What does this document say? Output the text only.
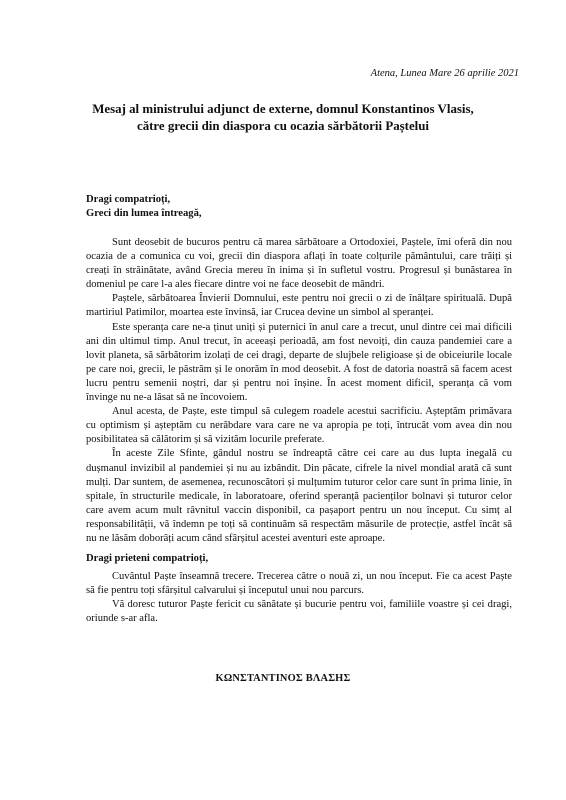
Atena, Lunea Mare 26 aprilie 2021
Mesaj al ministrului adjunct de externe, domnul Konstantinos Vlasis,
către grecii din diaspora cu ocazia sărbătorii Paștelui
Dragi compatrioți,
Greci din lumea întreagă,

Sunt deosebit de bucuros pentru că marea sărbătoare a Ortodoxiei, Paștele, îmi oferă din nou ocazia de a comunica cu voi, grecii din diaspora aflați în toate colțurile pământului, care trăiți și creați în străinătate, având Grecia mereu în inima și în sufletul vostru. Progresul și bunăstarea în domeniul pe care l-a ales fiecare dintre voi ne face deosebit de mândri.

Paștele, sărbătoarea Învierii Domnului, este pentru noi grecii o zi de înălțare spirituală. După martiriul Patimilor, moartea este învinsă, iar Crucea devine un simbol al speranței.

Este speranța care ne-a ținut uniți și puternici în anul care a trecut, unul dintre cei mai dificili ani din ultimul timp. Anul trecut, în aceeași perioadă, am fost nevoiți, din cauza pandemiei care a lovit planeta, să sărbătorim izolați de cei dragi, departe de slujbele religioase și de obiceiurile locale pe care noi, grecii, le păstrăm și le onorăm în mod deosebit. A fost de datoria noastră să facem acest lucru pentru semenii noștri, dar și pentru noi înșine. În acest moment dificil, speranța că vom învinge nu ne-a lăsat să ne încovoiem.

Anul acesta, de Paște, este timpul să culegem roadele acestui sacrificiu. Așteptăm primăvara cu optimism și așteptăm cu nerăbdare vara care ne va apropia pe toți, întrucât vom avea din nou posibilitatea să călătorim și să vizităm locurile preferate.

În aceste Zile Sfinte, gândul nostru se îndreaptă către cei care au dus lupta inegală cu dușmanul invizibil al pandemiei și nu au izbândit. Din păcate, cifrele la nivel mondial arată că sunt mulți. Dar suntem, de asemenea, recunoscători și mulțumim tuturor celor care sunt în prima linie, în spitale, în structurile medicale, în laboratoare, oferind speranță pacienților bolnavi și tuturor celor care avem acum mult râvnitul vaccin disponibil, ca pașaport pentru un nou început. Cu simț al responsabilității, vă îndemn pe toți să continuăm să respectăm măsurile de protecție, astfel încât să nu ne lăsăm doborâți acum când sfârșitul acestei aventuri este aproape.

Dragi prieteni compatrioți,

Cuvântul Paște înseamnă trecere. Trecerea către o nouă zi, un nou început. Fie ca acest Paște să fie pentru toți sfârșitul calvarului și începutul unui nou parcurs.

Vă doresc tuturor Paște fericit cu sănătate și bucurie pentru voi, familiile voastre și cei dragi, oriunde s-ar afla.

ΚΩΝΣΤΑΝΤΙΝΟΣ ΒΛΑΣΗΣ
